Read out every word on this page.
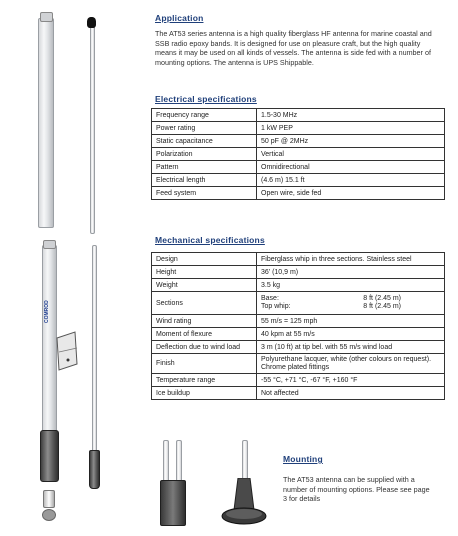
COMROD
Application
The AT53 series antenna is a high quality fiberglass HF antenna for marine coastal and SSB radio epoxy bands. It is designed for use on pleasure craft, but the high quality means it may be used on all kinds of vessels. The antenna is side fed with a number of mounting options. The antenna is UPS Shippable.
Electrical specifications
Frequency range	1.5-30 MHz
Power rating	1 kW PEP
Static capacitance	50 pF @ 2MHz
Polarization	Vertical
Pattern	Omnidirectional
Electrical length	(4.6 m) 15.1 ft
Feed system	Open wire, side fed
Mechanical specifications
Design	Fiberglass whip in three sections. Stainless steel
Height	36' (10,9 m)
Weight	3.5 kg
Sections	Base: 8 ft (2.45 m)
Top whip: 8 ft (2.45 m)

Wind rating	55 m/s = 125 mph
Moment of flexure	40 kpm at 55 m/s
Deflection due to wind load	3 m (10 ft) at tip bel. with 55 m/s wind load
Finish	Polyurethane lacquer, white (other colours on request). Chrome plated fittings
Temperature range	-55 °C, +71 °C, -67 °F, +160 °F
Ice buildup	Not affected
Mounting
The AT53 antenna can be supplied with a number of mounting options. Please see page 3 for details
